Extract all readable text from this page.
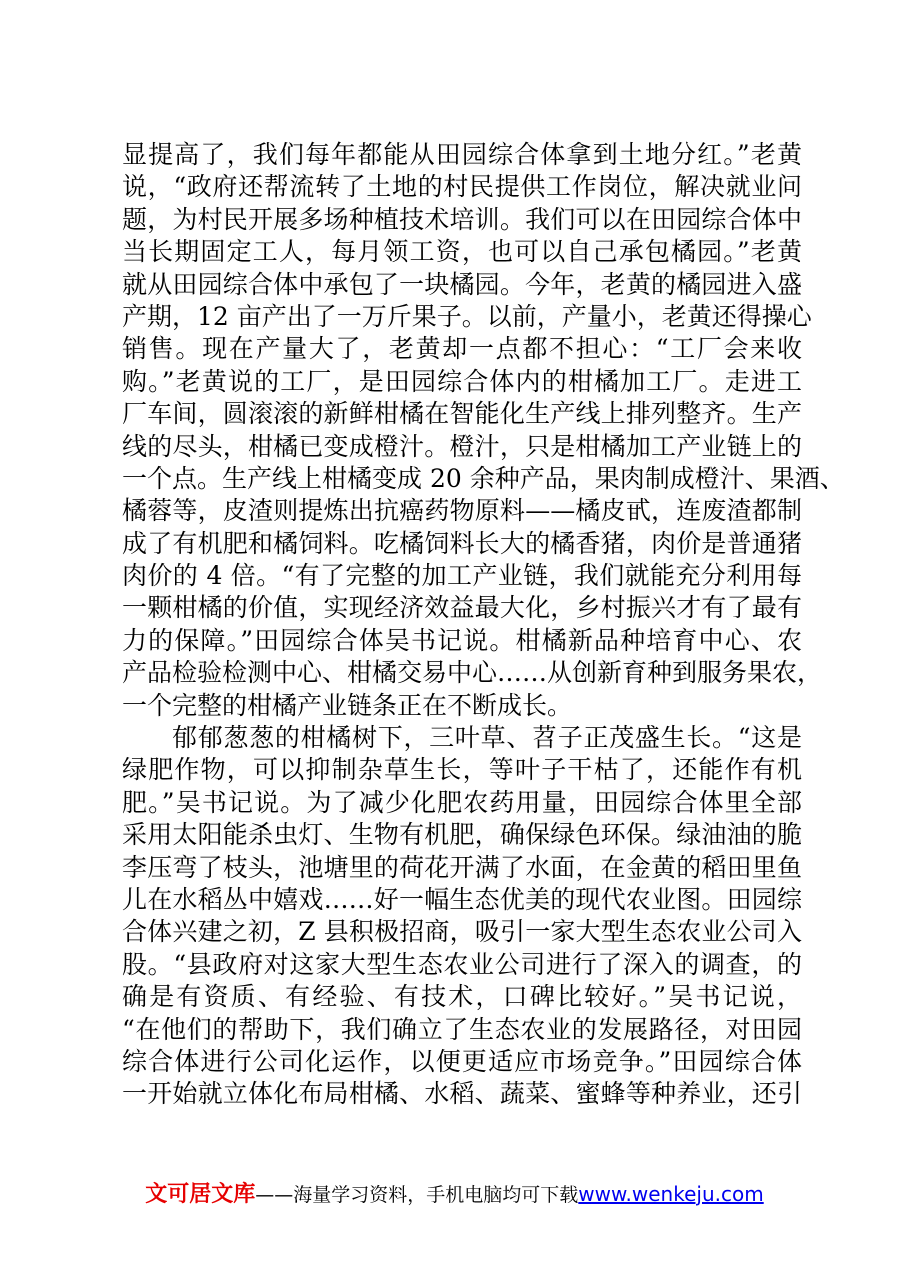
显提高了，我们每年都能从田园综合体拿到土地分红。”老黄
说，“政府还帮流转了土地的村民提供工作岗位，解决就业问
题，为村民开展多场种植技术培训。我们可以在田园综合体中
当长期固定工人，每月领工资，也可以自己承包橘园。”老黄
就从田园综合体中承包了一块橘园。今年，老黄的橘园进入盛
产期，12 亩产出了一万斤果子。以前，产量小，老黄还得操心
销售。现在产量大了，老黄却一点都不担心：“工厂会来收
购。”老黄说的工厂，是田园综合体内的柑橘加工厂。走进工
厂车间，圆滚滚的新鲜柑橘在智能化生产线上排列整齐。生产
线的尽头，柑橘已变成橙汁。橙汁，只是柑橘加工产业链上的
一个点。生产线上柑橘变成 20 余种产品，果肉制成橙汁、果酒、
橘蓉等，皮渣则提炼出抗癌药物原料——橘皮甙，连废渣都制
成了有机肥和橘饲料。吃橘饲料长大的橘香猪，肉价是普通猪
肉价的 4 倍。“有了完整的加工产业链，我们就能充分利用每
一颗柑橘的价值，实现经济效益最大化，乡村振兴才有了最有
力的保障。”田园综合体吴书记说。柑橘新品种培育中心、农
产品检验检测中心、柑橘交易中心……从创新育种到服务果农，
一个完整的柑橘产业链条正在不断成长。
郁郁葱葱的柑橘树下，三叶草、苕子正茂盛生长。“这是
绿肥作物，可以抑制杂草生长，等叶子干枯了，还能作有机
肥。”吴书记说。为了减少化肥农药用量，田园综合体里全部
采用太阳能杀虫灯、生物有机肥，确保绿色环保。绿油油的脆
李压弯了枝头，池塘里的荷花开满了水面，在金黄的稻田里鱼
儿在水稻丛中嬉戏……好一幅生态优美的现代农业图。田园综
合体兴建之初，Z 县积极招商，吸引一家大型生态农业公司入
股。“县政府对这家大型生态农业公司进行了深入的调查，的
确是有资质、有经验、有技术，口碑比较好。”吴书记说，
“在他们的帮助下，我们确立了生态农业的发展路径，对田园
综合体进行公司化运作，以便更适应市场竞争。”田园综合体
一开始就立体化布局柑橘、水稻、蔬菜、蜜蜂等种养业，还引
文可居文库——海量学习资料，手机电脑均可下载www.wenkeju.com
